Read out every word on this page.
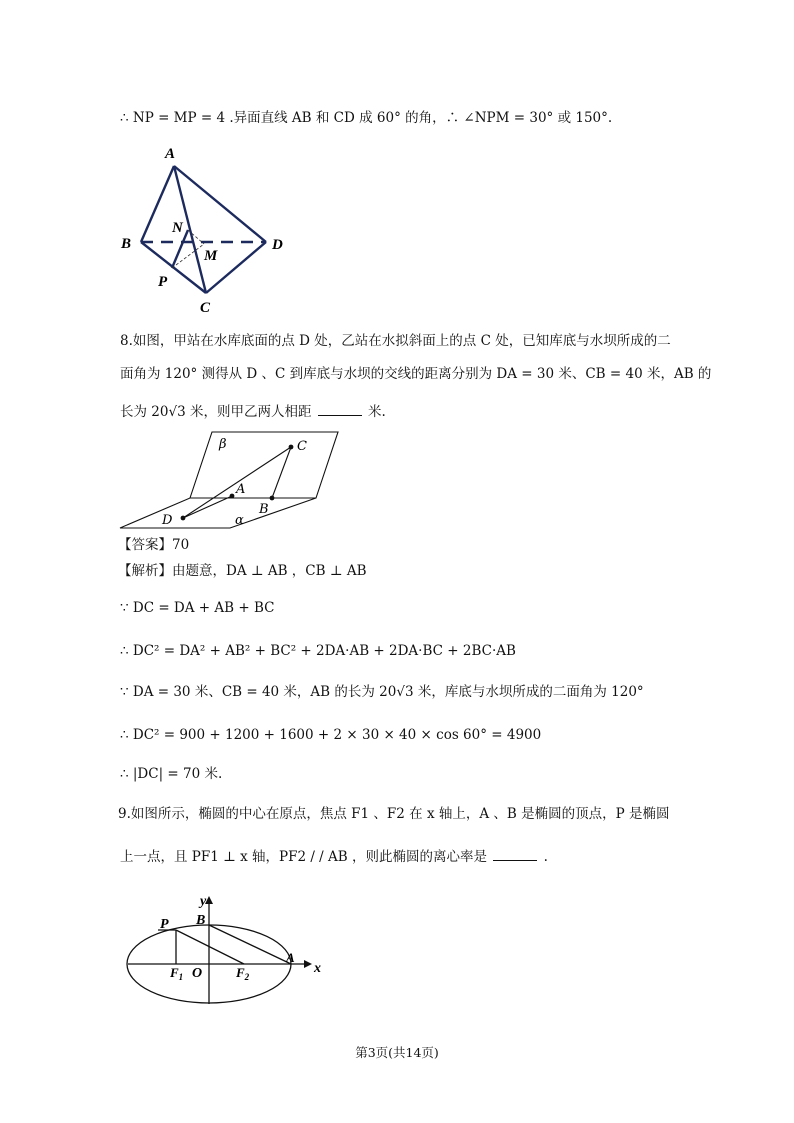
∴ NP = MP = 4 .异面直线 AB 和 CD 成 60° 的角，∴ ∠NPM = 30° 或 150°.
A
B	D
C
N
M
P
β	C
A
B
D	α
y
x
P B
A
$F_1$ O	$F_2$
8.如图，甲站在水库底面的点 D 处，乙站在水拟斜面上的点 C 处，已知库底与水坝所成的二
面角为 120° 测得从 D 、C 到库底与水坝的交线的距离分别为 DA = 30 米、CB = 40 米，AB 的
长为 20√3 米，则甲乙两人相距	米.
【答案】70
【解析】由题意，DA ⊥ AB ，CB ⊥ AB
∵ DC = DA + AB + BC
∴ DC² = DA² + AB² + BC² + 2DA·AB + 2DA·BC + 2BC·AB
∵ DA = 30 米、CB = 40 米，AB 的长为 20√3 米，库底与水坝所成的二面角为 120°
∴ DC² = 900 + 1200 + 1600 + 2 × 30 × 40 × cos 60° = 4900
∴ |DC| = 70 米.
9.如图所示，椭圆的中心在原点，焦点 F1 、F2 在 x 轴上，A 、B 是椭圆的顶点，P 是椭圆
上一点，且 PF1 ⊥ x 轴，PF2 / / AB ，则此椭圆的离心率是	.
第3页(共14页)
